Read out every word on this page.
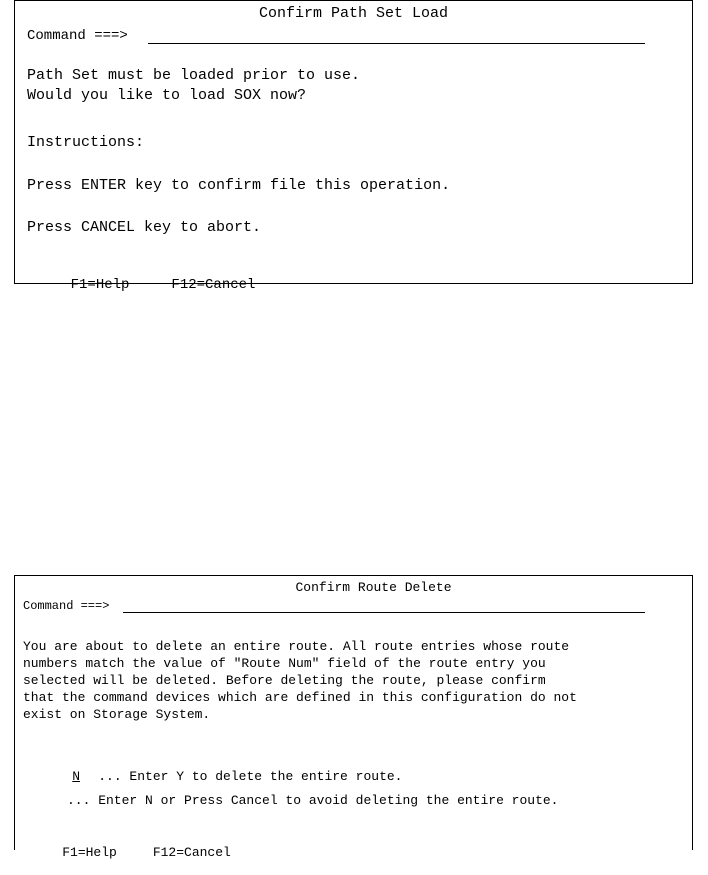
Confirm Path Set Load
Command ===>
Path Set must be loaded prior to use.
Would you like to load SOX now?
Instructions:
Press ENTER key to confirm file this operation.
Press CANCEL key to abort.

F1=Help	F12=Cancel

Confirm Route Delete
Command ===>
You are about to delete an entire route. All route entries whose route
numbers match the value of "Route Num" field of the route entry you
selected will be deleted. Before deleting the route, please confirm
that the command devices which are defined in this configuration do not
exist on Storage System.

N ... Enter Y to delete the entire route.

... Enter N or Press Cancel to avoid deleting the entire route.

F1=Help	F12=Cancel
